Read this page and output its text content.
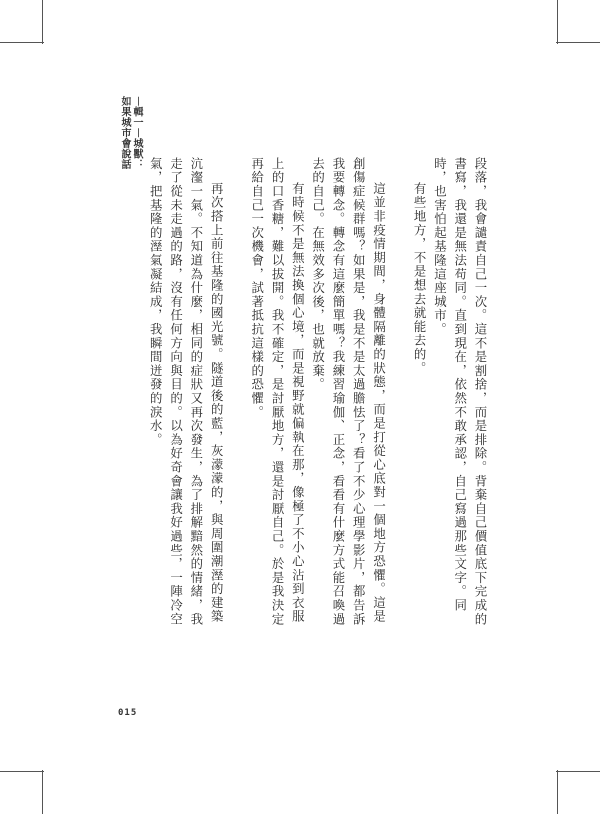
︱輯一︱城獸：如果城市會說話

段落，我會譴責自己一次。這不是割捨，而是排除。背棄自己價值底下完成的書寫，我還是無法苟同。直到現在，依然不敢承認，自己寫過那些文字。同時，也害怕起基隆這座城市。

有些地方，不是想去就能去的。

這並非疫情期間，身體隔離的狀態，而是打從心底對一個地方恐懼。這是創傷症候群嗎？如果是，我是不是太過膽怯了？看了不少心理學影片，都告訴我要轉念。轉念有這麼簡單嗎？我練習瑜伽、正念，看看有什麼方式能召喚過去的自己。在無效多次後，也就放棄。

有時候不是無法換個心境，而是視野就偏執在那，像極了不小心沾到衣服上的口香糖，難以拔開。我不確定，是討厭地方，還是討厭自己。於是我決定再給自己一次機會，試著抵抗這樣的恐懼。

再次搭上前往基隆的國光號。隧道後的藍，灰濛濛的，與周圍潮溼的建築沆瀣一氣。不知道為什麼，相同的症狀又再次發生，為了排解黯然的情緒，我走了從未走過的路，沒有任何方向與目的。以為好奇會讓我好過些，一陣冷空氣，把基隆的溼氣凝結成，我瞬間迸發的淚水。

015
